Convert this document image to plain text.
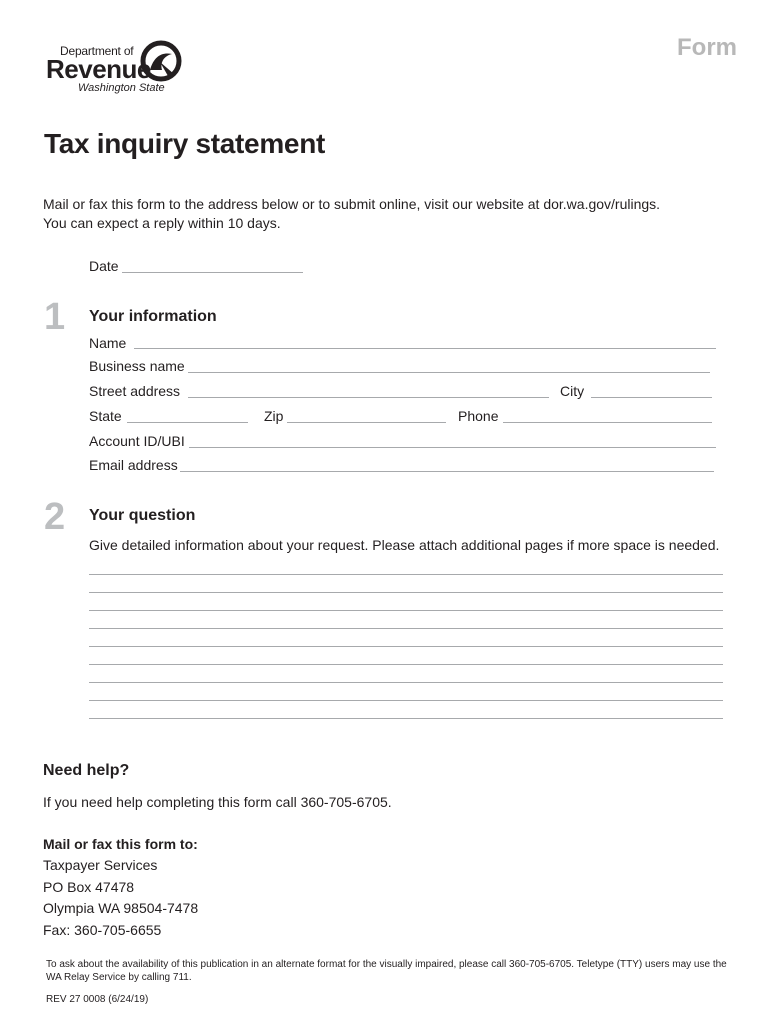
Department of
Revenue
Washington State
Form
Tax inquiry statement
Mail or fax this form to the address below or to submit online, visit our website at dor.wa.gov/rulings.
You can expect a reply within 10 days.
Date
1 Your information
Name
Business name
Street address	City
State	Zip	Phone
Account ID/UBI
Email address
2 Your question
Give detailed information about your request. Please attach additional pages if more space is needed.
Need help?
If you need help completing this form call 360-705-6705.
Mail or fax this form to:
Taxpayer Services
PO Box 47478
Olympia WA 98504-7478
Fax: 360-705-6655
To ask about the availability of this publication in an alternate format for the visually impaired, please call 360-705-6705. Teletype (TTY) users may use the WA Relay Service by calling 711.
REV 27 0008 (6/24/19)
